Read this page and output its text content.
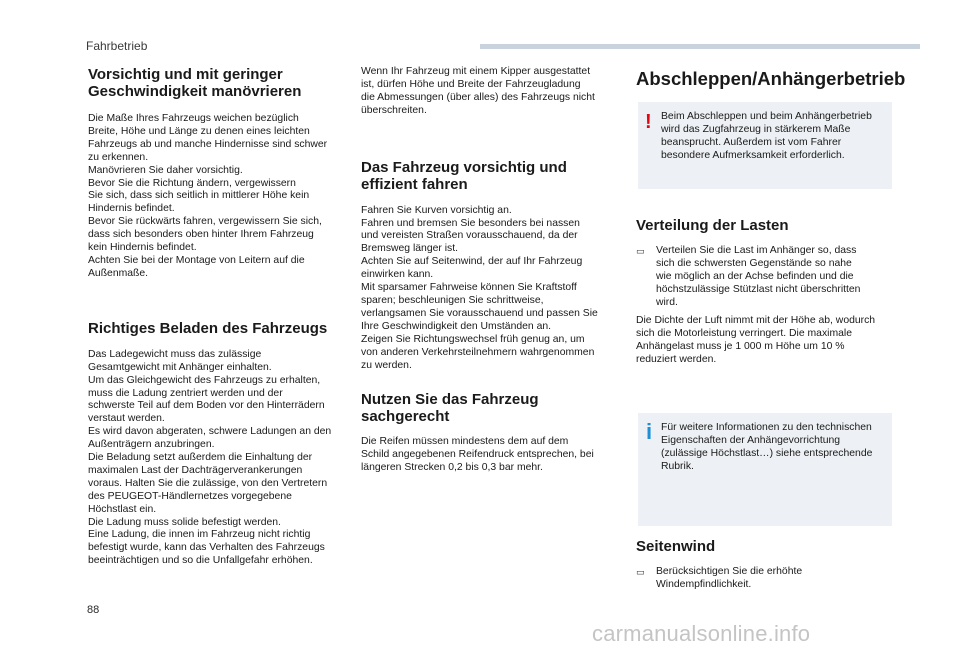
Fahrbetrieb
Vorsichtig und mit geringer
Geschwindigkeit manövrieren

Die Maße Ihres Fahrzeugs weichen bezüglich
Breite, Höhe und Länge zu denen eines leichten
Fahrzeugs ab und manche Hindernisse sind schwer
zu erkennen.
Manövrieren Sie daher vorsichtig.
Bevor Sie die Richtung ändern, vergewissern
Sie sich, dass sich seitlich in mittlerer Höhe kein
Hindernis befindet.
Bevor Sie rückwärts fahren, vergewissern Sie sich,
dass sich besonders oben hinter Ihrem Fahrzeug
kein Hindernis befindet.
Achten Sie bei der Montage von Leitern auf die
Außenmaße.

Richtiges Beladen des Fahrzeugs

Das Ladegewicht muss das zulässige
Gesamtgewicht mit Anhänger einhalten.
Um das Gleichgewicht des Fahrzeugs zu erhalten,
muss die Ladung zentriert werden und der
schwerste Teil auf dem Boden vor den Hinterrädern
verstaut werden.
Es wird davon abgeraten, schwere Ladungen an den
Außenträgern anzubringen.
Die Beladung setzt außerdem die Einhaltung der
maximalen Last der Dachträgerverankerungen
voraus. Halten Sie die zulässige, von den Vertretern
des PEUGEOT-Händlernetzes vorgegebene
Höchstlast ein.
Die Ladung muss solide befestigt werden.
Eine Ladung, die innen im Fahrzeug nicht richtig
befestigt wurde, kann das Verhalten des Fahrzeugs
beeinträchtigen und so die Unfallgefahr erhöhen.

Wenn Ihr Fahrzeug mit einem Kipper ausgestattet
ist, dürfen Höhe und Breite der Fahrzeugladung
die Abmessungen (über alles) des Fahrzeugs nicht
überschreiten.

Das Fahrzeug vorsichtig und
effizient fahren

Fahren Sie Kurven vorsichtig an.
Fahren und bremsen Sie besonders bei nassen
und vereisten Straßen vorausschauend, da der
Bremsweg länger ist.
Achten Sie auf Seitenwind, der auf Ihr Fahrzeug
einwirken kann.
Mit sparsamer Fahrweise können Sie Kraftstoff
sparen; beschleunigen Sie schrittweise,
verlangsamen Sie vorausschauend und passen Sie
Ihre Geschwindigkeit den Umständen an.
Zeigen Sie Richtungswechsel früh genug an, um
von anderen Verkehrsteilnehmern wahrgenommen
zu werden.

Nutzen Sie das Fahrzeug
sachgerecht

Die Reifen müssen mindestens dem auf dem
Schild angegebenen Reifendruck entsprechen, bei
längeren Strecken 0,2 bis 0,3 bar mehr.

Abschleppen/Anhängerbetrieb
! Beim Abschleppen und beim Anhängerbetrieb
wird das Zugfahrzeug in stärkerem Maße
beansprucht. Außerdem ist vom Fahrer
besondere Aufmerksamkeit erforderlich.

Verteilung der Lasten
▭ Verteilen Sie die Last im Anhänger so, dass
sich die schwersten Gegenstände so nahe
wie möglich an der Achse befinden und die
höchstzulässige Stützlast nicht überschritten
wird.

Die Dichte der Luft nimmt mit der Höhe ab, wodurch
sich die Motorleistung verringert. Die maximale
Anhängelast muss je 1 000 m Höhe um 10 %
reduziert werden.

i Für weitere Informationen zu den technischen
Eigenschaften der Anhängevorrichtung
(zulässige Höchstlast…) siehe entsprechende
Rubrik.

Seitenwind
▭ Berücksichtigen Sie die erhöhte
Windempfindlichkeit.

88
carmanualsonline.info
